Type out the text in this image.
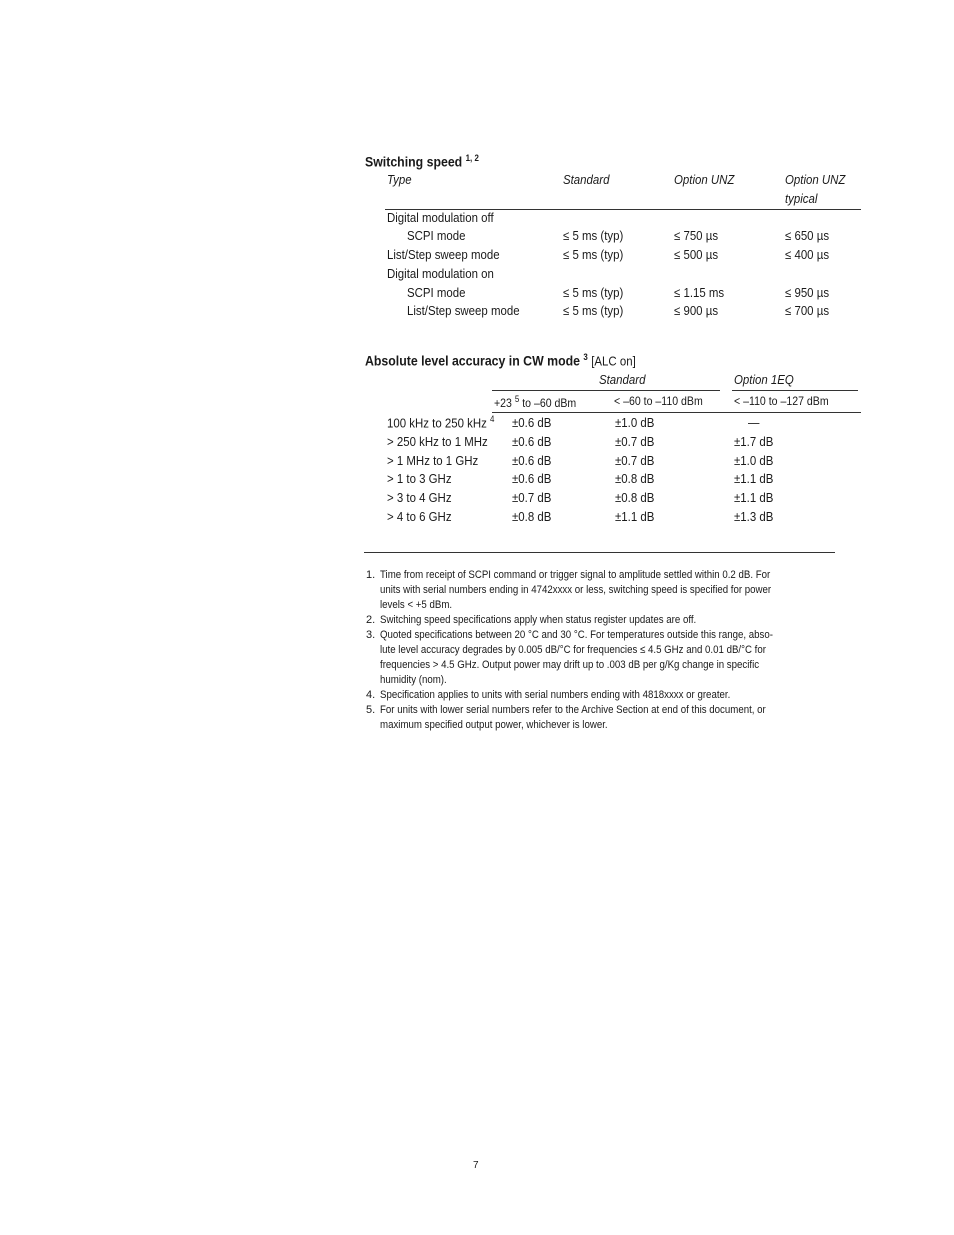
Switching speed $^{1, 2}$
Type	Standard	Option UNZ	Option UNZ
typical
Digital modulation off
SCPI mode	≤ 5 ms (typ)	≤ 750 µs	≤ 650 µs
List/Step sweep mode	≤ 5 ms (typ)	≤ 500 µs	≤ 400 µs
Digital modulation on
SCPI mode	≤ 5 ms (typ)	≤ 1.15 ms	≤ 950 µs
List/Step sweep mode	≤ 5 ms (typ)	≤ 900 µs	≤ 700 µs
Absolute level accuracy in CW mode $^3$ [ALC on]
Standard	Option 1EQ
+23 $^5$ to –60 dBm	< –60 to –110 dBm	< –110 to –127 dBm
100 kHz to 250 kHz $^4$	±0.6 dB	±1.0 dB	—
> 250 kHz to 1 MHz	±0.6 dB	±0.7 dB	±1.7 dB
> 1 MHz to 1 GHz	±0.6 dB	±0.7 dB	±1.0 dB
> 1 to 3 GHz	±0.6 dB	±0.8 dB	±1.1 dB
> 3 to 4 GHz	±0.7 dB	±0.8 dB	±1.1 dB
> 4 to 6 GHz	±0.8 dB	±1.1 dB	±1.3 dB
1. Time from receipt of SCPI command or trigger signal to amplitude settled within 0.2 dB. For
units with serial numbers ending in 4742xxxx or less, switching speed is specified for power
levels < +5 dBm.
2. Switching speed specifications apply when status register updates are off.
3. Quoted specifications between 20 °C and 30 °C. For temperatures outside this range, abso-
lute level accuracy degrades by 0.005 dB/°C for frequencies ≤ 4.5 GHz and 0.01 dB/°C for
frequencies > 4.5 GHz. Output power may drift up to .003 dB per g/Kg change in specific
humidity (nom).
4. Specification applies to units with serial numbers ending with 4818xxxx or greater.
5. For units with lower serial numbers refer to the Archive Section at end of this document, or
maximum specified output power, whichever is lower.
7
